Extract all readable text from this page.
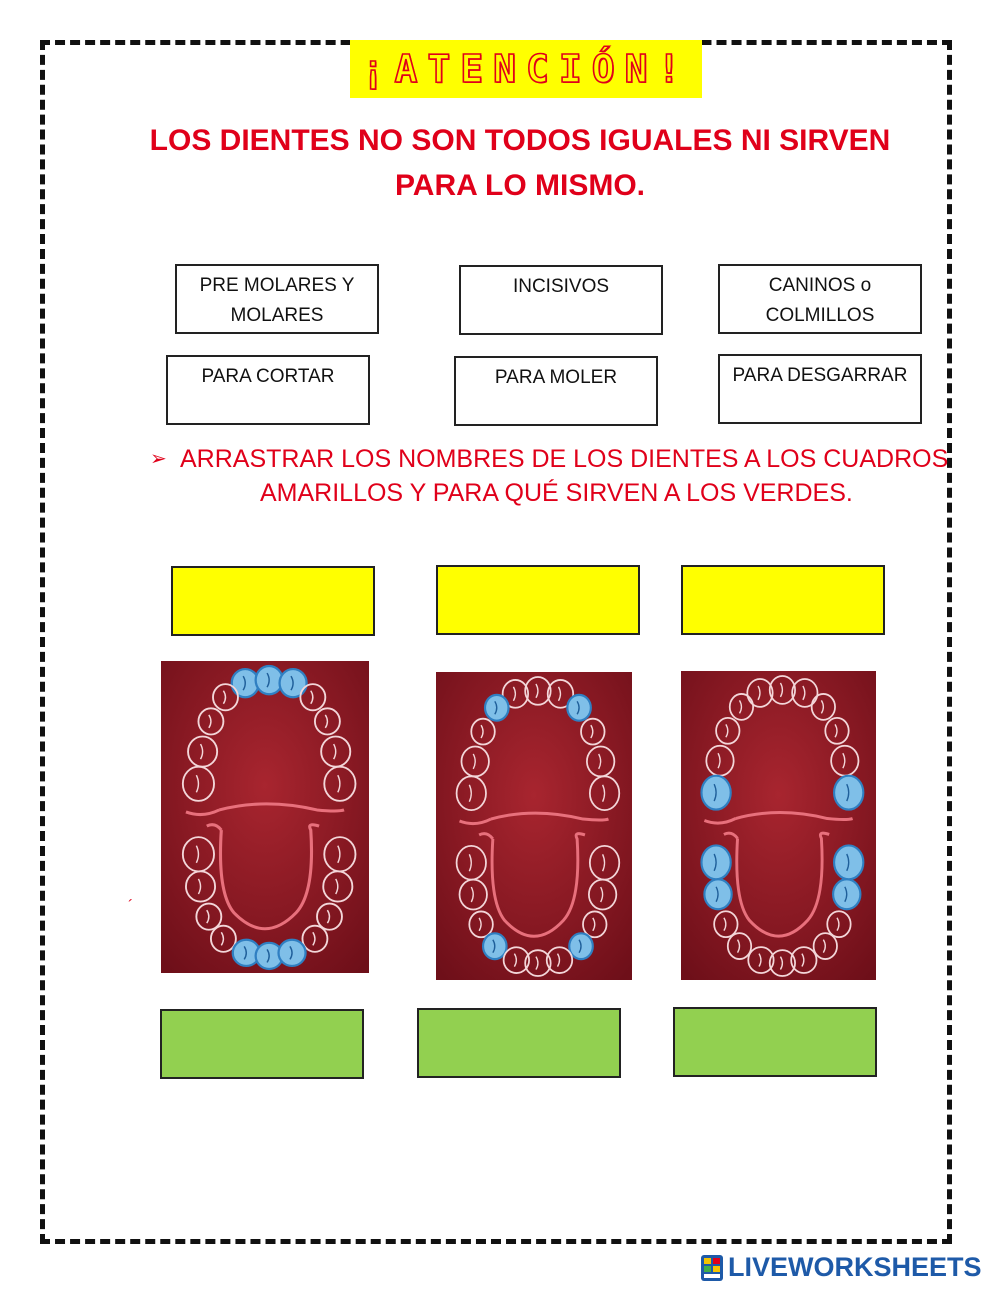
¡ATENCIÓN!
LOS DIENTES NO SON TODOS IGUALES NI SIRVEN
PARA LO MISMO.
PRE MOLARES Y
MOLARES
INCISIVOS	CANINOS o
COLMILLOS
PARA CORTAR	PARA MOLER	PARA DESGARRAR
➢ ARRASTRAR LOS NOMBRES DE LOS DIENTES A LOS CUADROS
AMARILLOS Y PARA QUÉ SIRVEN A LOS VERDES.
´
LIVEWORKSHEETS
